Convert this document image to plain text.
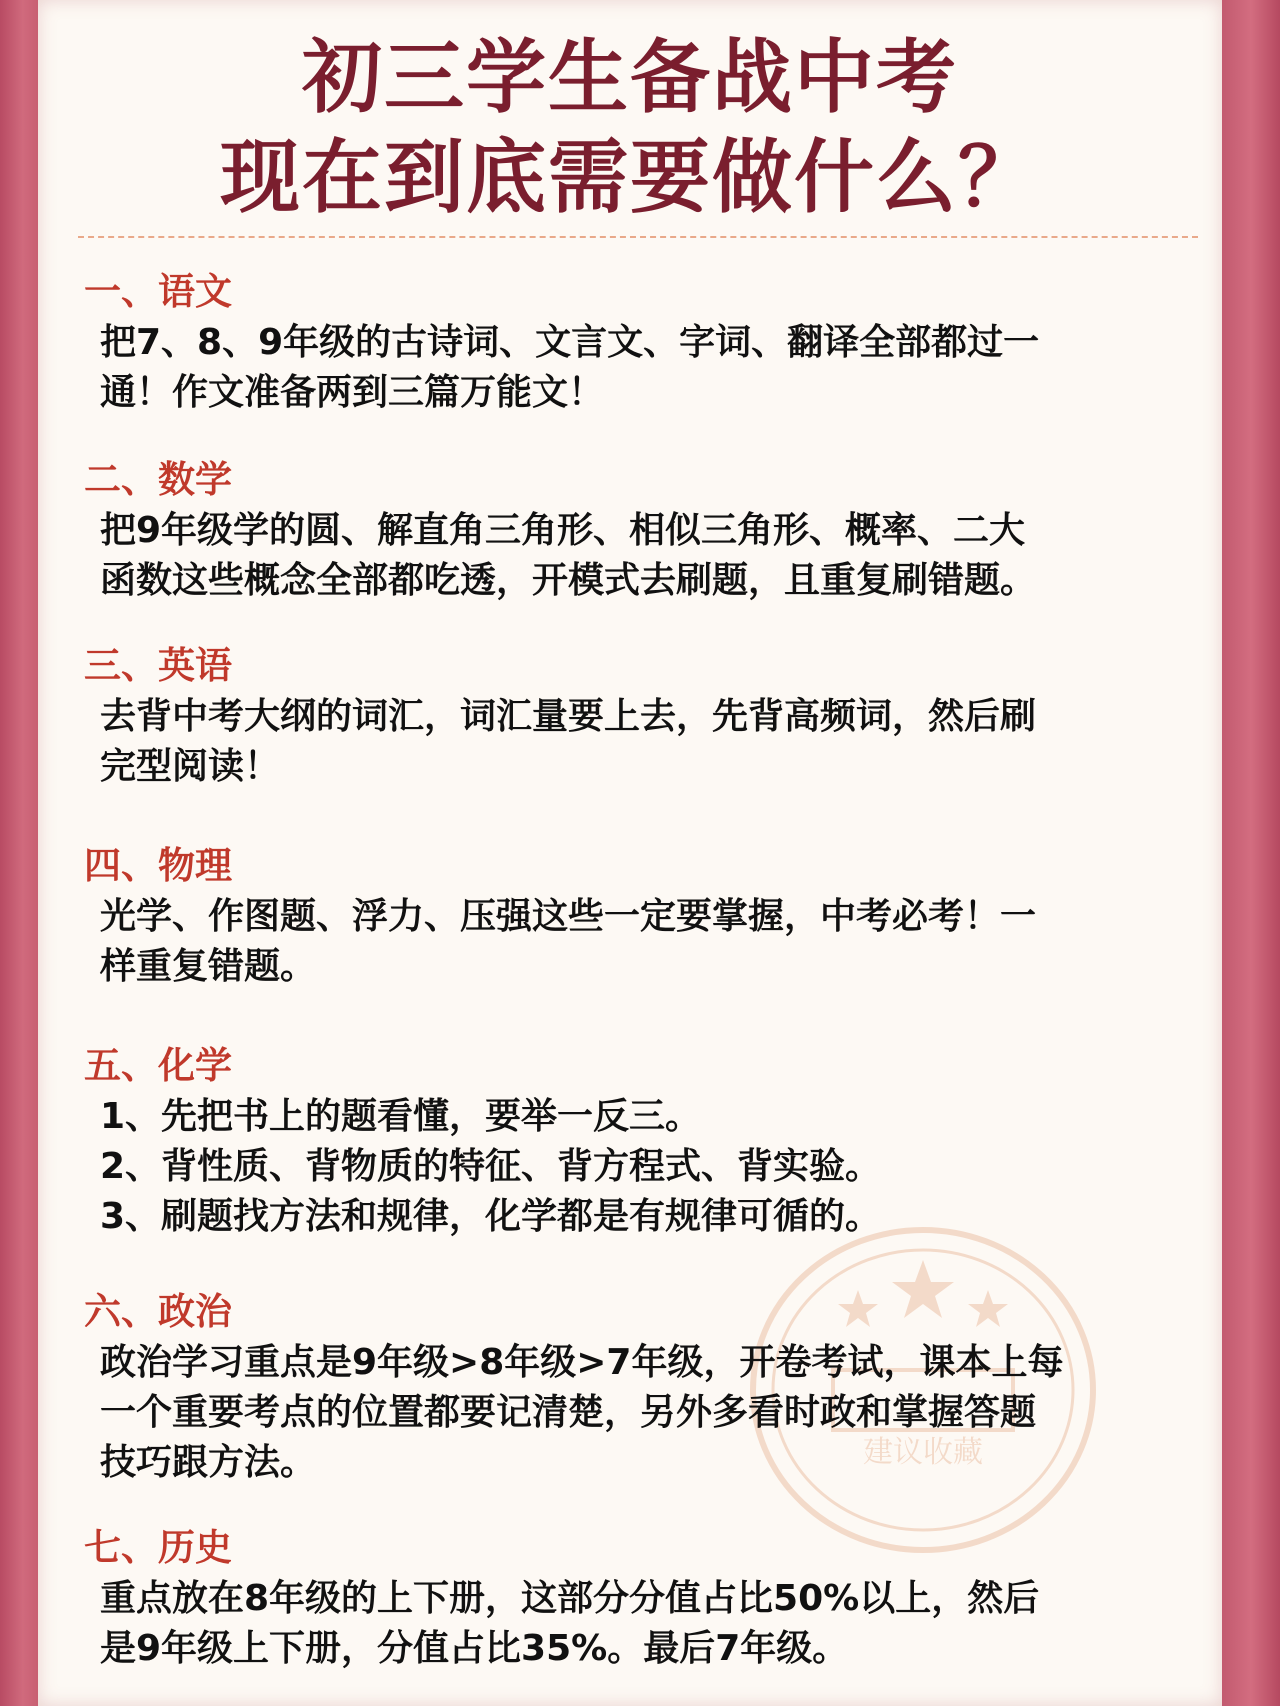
初三学生备战中考
现在到底需要做什么？
建议收藏
一、语文
把7、8、9年级的古诗词、文言文、字词、翻译全部都过一
通！作文准备两到三篇万能文！
二、数学
把9年级学的圆、解直角三角形、相似三角形、概率、二大
函数这些概念全部都吃透，开模式去刷题，且重复刷错题。
三、英语
去背中考大纲的词汇，词汇量要上去，先背高频词，然后刷
完型阅读！
四、物理
光学、作图题、浮力、压强这些一定要掌握，中考必考！一
样重复错题。
五、化学
1、先把书上的题看懂，要举一反三。
2、背性质、背物质的特征、背方程式、背实验。
3、刷题找方法和规律，化学都是有规律可循的。
六、政治
政治学习重点是9年级>8年级>7年级，开卷考试，课本上每
一个重要考点的位置都要记清楚，另外多看时政和掌握答题
技巧跟方法。
七、历史
重点放在8年级的上下册，这部分分值占比50%以上，然后
是9年级上下册，分值占比35%。最后7年级。
